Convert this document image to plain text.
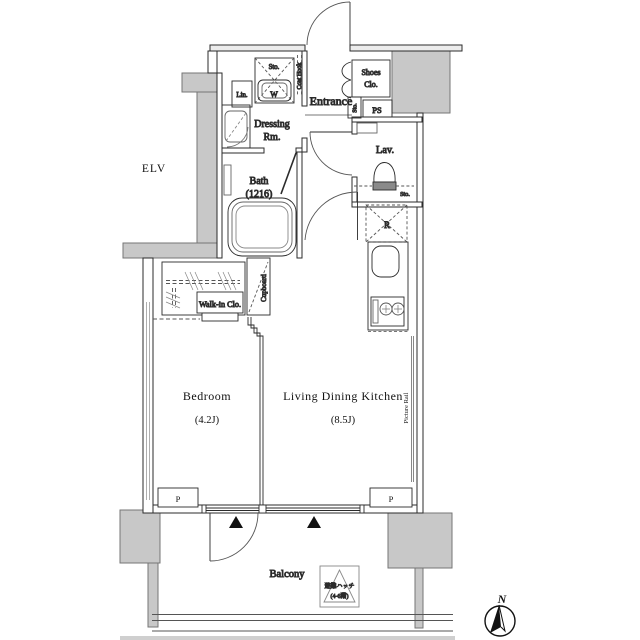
ELV
Sto.
W
Lin.
Coat Hook
Dressing
Rm.
Entrance
Shoes
Clo.
Sto. PS
Lav.
Sto.
Bath
(1216)
R
Walk-in Clo.
Cupboard
Bedroom
(4.2J)
Living Dining Kitchen
(8.5J)	Picture Rail
P	P
Balcony
避難ハッチ
(4-6階)	N
